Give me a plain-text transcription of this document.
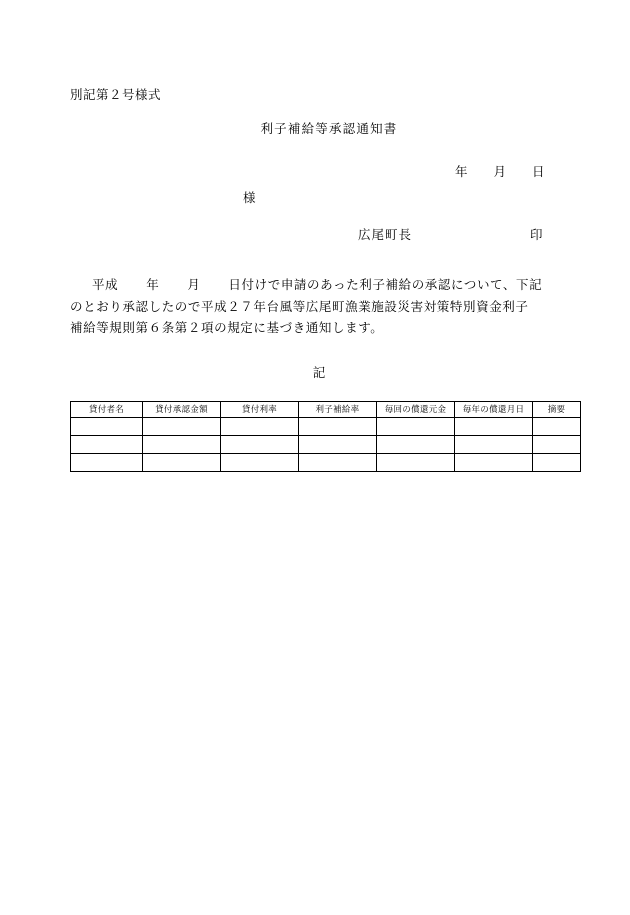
別記第２号様式
利子補給等承認通知書
年 月 日
様
広尾町長	印
平成 年 月 日付けで申請のあった利子補給の承認について、下記
のとおり承認したので平成２７年台風等広尾町漁業施設災害対策特別資金利子
補給等規則第６条第２項の規定に基づき通知します。
記
貸付者名	貸付承認金額	貸付利率	利子補給率	毎回の償還元金	毎年の償還月日	摘要
